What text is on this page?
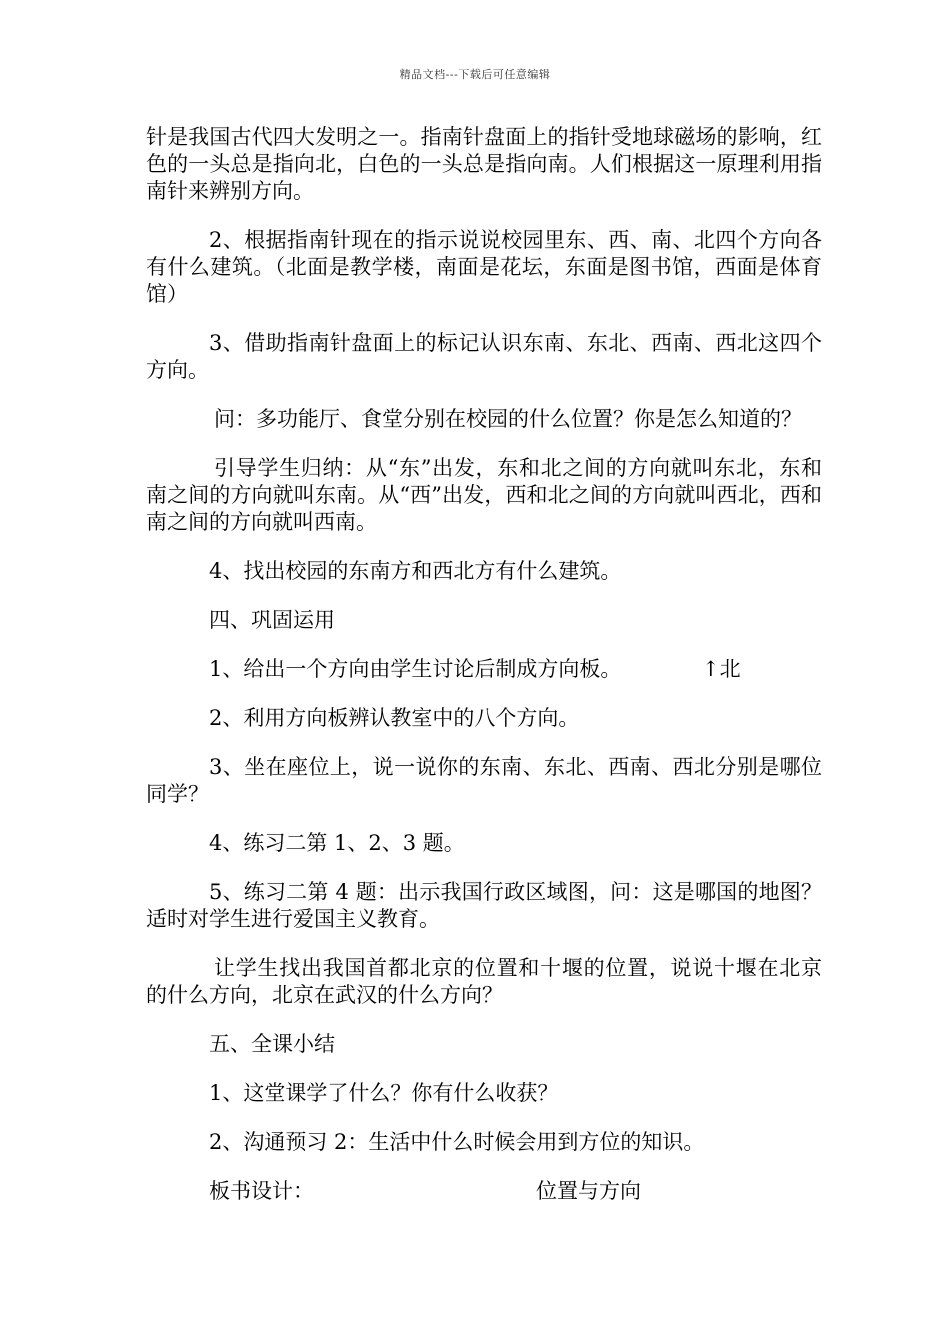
精品文档---下载后可任意编辑

针是我国古代四大发明之一。指南针盘面上的指针受地球磁场的影响，红色的一头总是指向北，白色的一头总是指向南。人们根据这一原理利用指南针来辨别方向。

2、根据指南针现在的指示说说校园里东、西、南、北四个方向各有什么建筑。（北面是教学楼，南面是花坛，东面是图书馆，西面是体育馆）

3、借助指南针盘面上的标记认识东南、东北、西南、西北这四个方向。

问：多功能厅、食堂分别在校园的什么位置？你是怎么知道的？

引导学生归纳：从“东”出发，东和北之间的方向就叫东北，东和南之间的方向就叫东南。从“西”出发，西和北之间的方向就叫西北，西和南之间的方向就叫西南。

4、找出校园的东南方和西北方有什么建筑。

四、巩固运用

1、给出一个方向由学生讨论后制成方向板。	↑北

2、利用方向板辨认教室中的八个方向。

3、坐在座位上，说一说你的东南、东北、西南、西北分别是哪位同学？

4、练习二第 1、2、3 题。

5、练习二第 4 题：出示我国行政区域图，问：这是哪国的地图？适时对学生进行爱国主义教育。

让学生找出我国首都北京的位置和十堰的位置，说说十堰在北京的什么方向，北京在武汉的什么方向？

五、全课小结

1、这堂课学了什么？你有什么收获？

2、沟通预习 2：生活中什么时候会用到方位的知识。

板书设计：	位置与方向
